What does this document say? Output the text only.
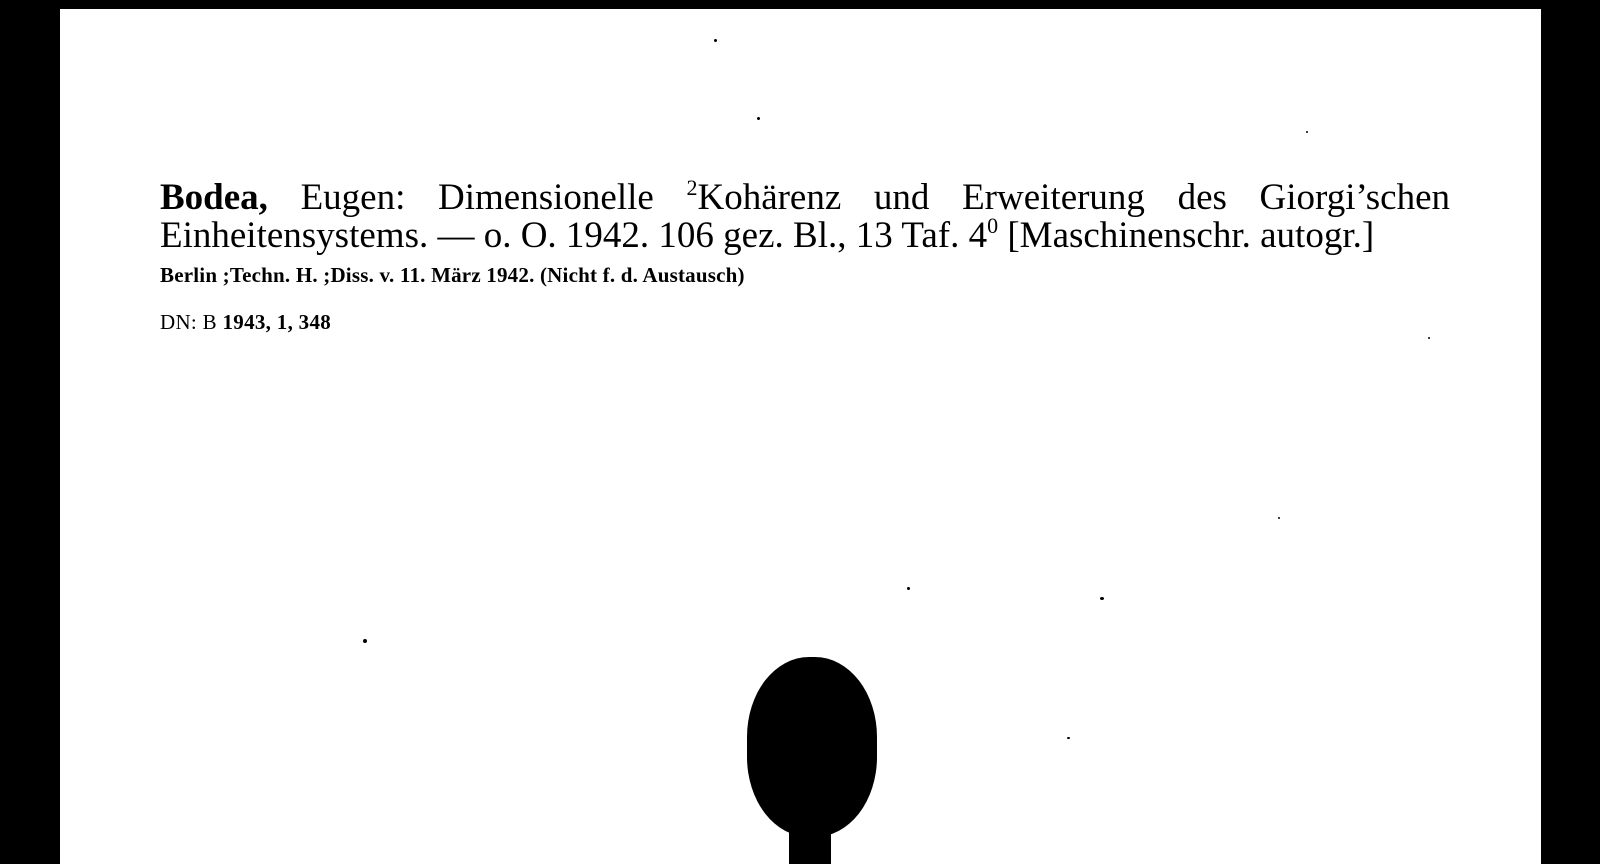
Bodea, Eugen: Dimensionelle $^2$Kohärenz und Erweiterung des Giorgi’schen Einheitensystems. — o. O. 1942. 106 gez. Bl., 13 Taf. $4^0$ [Maschinenschr. autogr.]

Berlin ;Techn. H. ;Diss. v. 11. März 1942. (Nicht f. d. Austausch)
DN: B 1943, 1, 348
